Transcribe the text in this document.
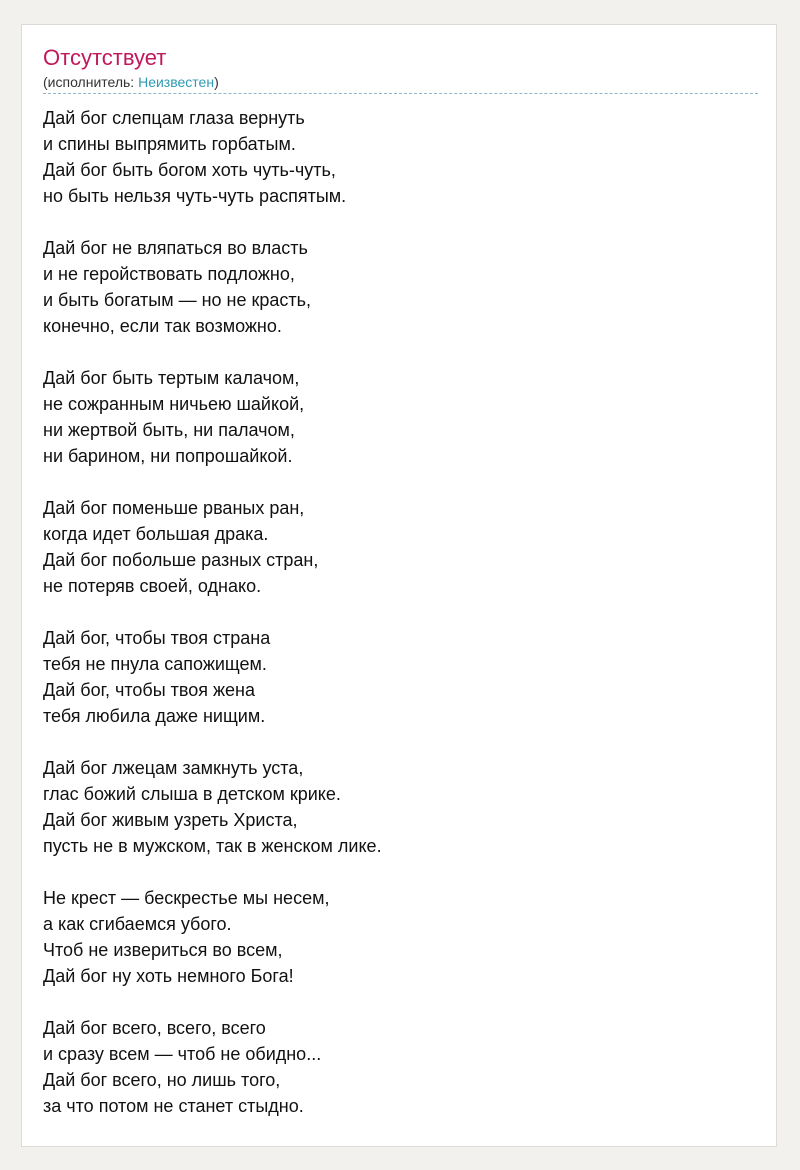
Отсутствует
(исполнитель: Неизвестен)
Дай бог слепцам глаза вернуть
и спины выпрямить горбатым.
Дай бог быть богом хоть чуть-чуть,
но быть нельзя чуть-чуть распятым.
Дай бог не вляпаться во власть
и не геройствовать подложно,
и быть богатым — но не красть,
конечно, если так возможно.
Дай бог быть тертым калачом,
не сожранным ничьею шайкой,
ни жертвой быть, ни палачом,
ни барином, ни попрошайкой.
Дай бог поменьше рваных ран,
когда идет большая драка.
Дай бог побольше разных стран,
не потеряв своей, однако.
Дай бог, чтобы твоя страна
тебя не пнула сапожищем.
Дай бог, чтобы твоя жена
тебя любила даже нищим.
Дай бог лжецам замкнуть уста,
глас божий слыша в детском крике.
Дай бог живым узреть Христа,
пусть не в мужском, так в женском лике.
Не крест — бескрестье мы несем,
а как сгибаемся убого.
Чтоб не извериться во всем,
Дай бог ну хоть немного Бога!
Дай бог всего, всего, всего
и сразу всем — чтоб не обидно...
Дай бог всего, но лишь того,
за что потом не станет стыдно.
